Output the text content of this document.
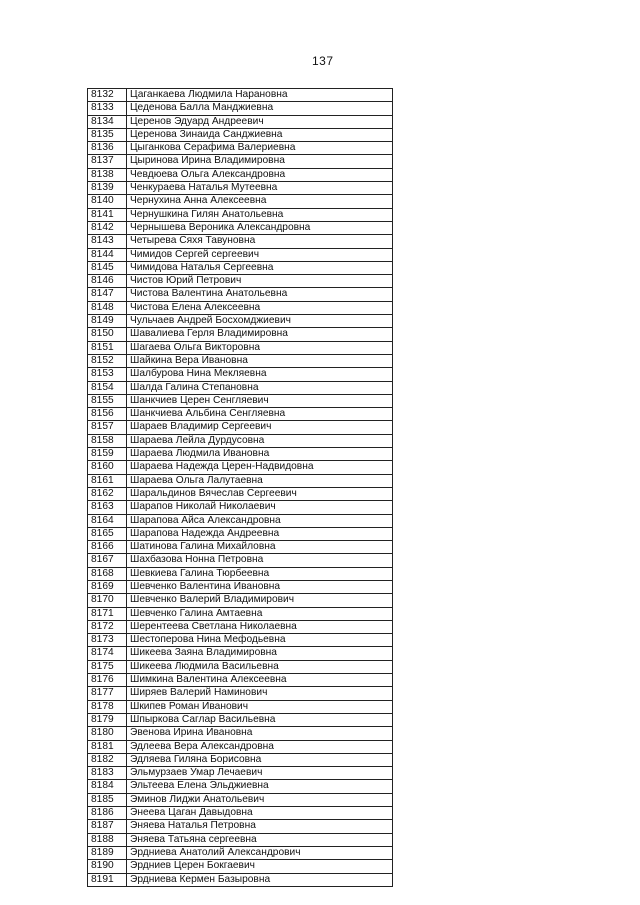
137
8132	Цаганкаева Людмила Нарановна
8133	Цеденова Балла Манджиевна
8134	Церенов Эдуард Андреевич
8135	Церенова Зинаида Санджиевна
8136	Цыганкова Серафима Валериевна
8137	Цыринова Ирина Владимировна
8138	Чевдюева Ольга Александровна
8139	Ченкураева Наталья Мутеевна
8140	Чернухина Анна Алексеевна
8141	Чернушкина Гилян Анатольевна
8142	Чернышева Вероника Александровна
8143	Четырева Сяхя Тавуновна
8144	Чимидов Сергей сергеевич
8145	Чимидова Наталья Сергеевна
8146	Чистов Юрий Петрович
8147	Чистова Валентина Анатольевна
8148	Чистова Елена Алексеевна
8149	Чульчаев Андрей Босхомджиевич
8150	Шавалиева Герля Владимировна
8151	Шагаева Ольга Викторовна
8152	Шайкина Вера Ивановна
8153	Шалбурова Нина Мекляевна
8154	Шалда Галина Степановна
8155	Шанкчиев Церен Сенгляевич
8156	Шанкчиева Альбина Сенгляевна
8157	Шараев Владимир Сергеевич
8158	Шараева Лейла Дурдусовна
8159	Шараева Людмила Ивановна
8160	Шараева Надежда Церен-Надвидовна
8161	Шараева Ольга Лалутаевна
8162	Шаральдинов Вячеслав Сергеевич
8163	Шарапов Николай Николаевич
8164	Шарапова Айса Александровна
8165	Шарапова Надежда Андреевна
8166	Шатинова Галина Михайловна
8167	Шахбазова Нонна Петровна
8168	Шевкиева Галина Тюрбеевна
8169	Шевченко Валентина Ивановна
8170	Шевченко Валерий Владимирович
8171	Шевченко Галина Амтаевна
8172	Шерентеева Светлана Николаевна
8173	Шестоперова Нина Мефодьевна
8174	Шикеева Заяна Владимировна
8175	Шикеева Людмила Васильевна
8176	Шимкина Валентина Алексеевна
8177	Ширяев Валерий Наминович
8178	Шкипев Роман Иванович
8179	Шпыркова Саглар Васильевна
8180	Эвенова Ирина Ивановна
8181	Эдлеева Вера Александровна
8182	Эдляева Гиляна Борисовна
8183	Эльмурзаев Умар Лечаевич
8184	Эльтеева Елена Эльджиевна
8185	Эминов Лиджи Анатольевич
8186	Энеева Цаган Давыдовна
8187	Эняева Наталья Петровна
8188	Эняева Татьяна сергеевна
8189	Эрдниева Анатолий Александрович
8190	Эрдниев Церен Бокгаевич
8191	Эрдниева Кермен Базыровна
